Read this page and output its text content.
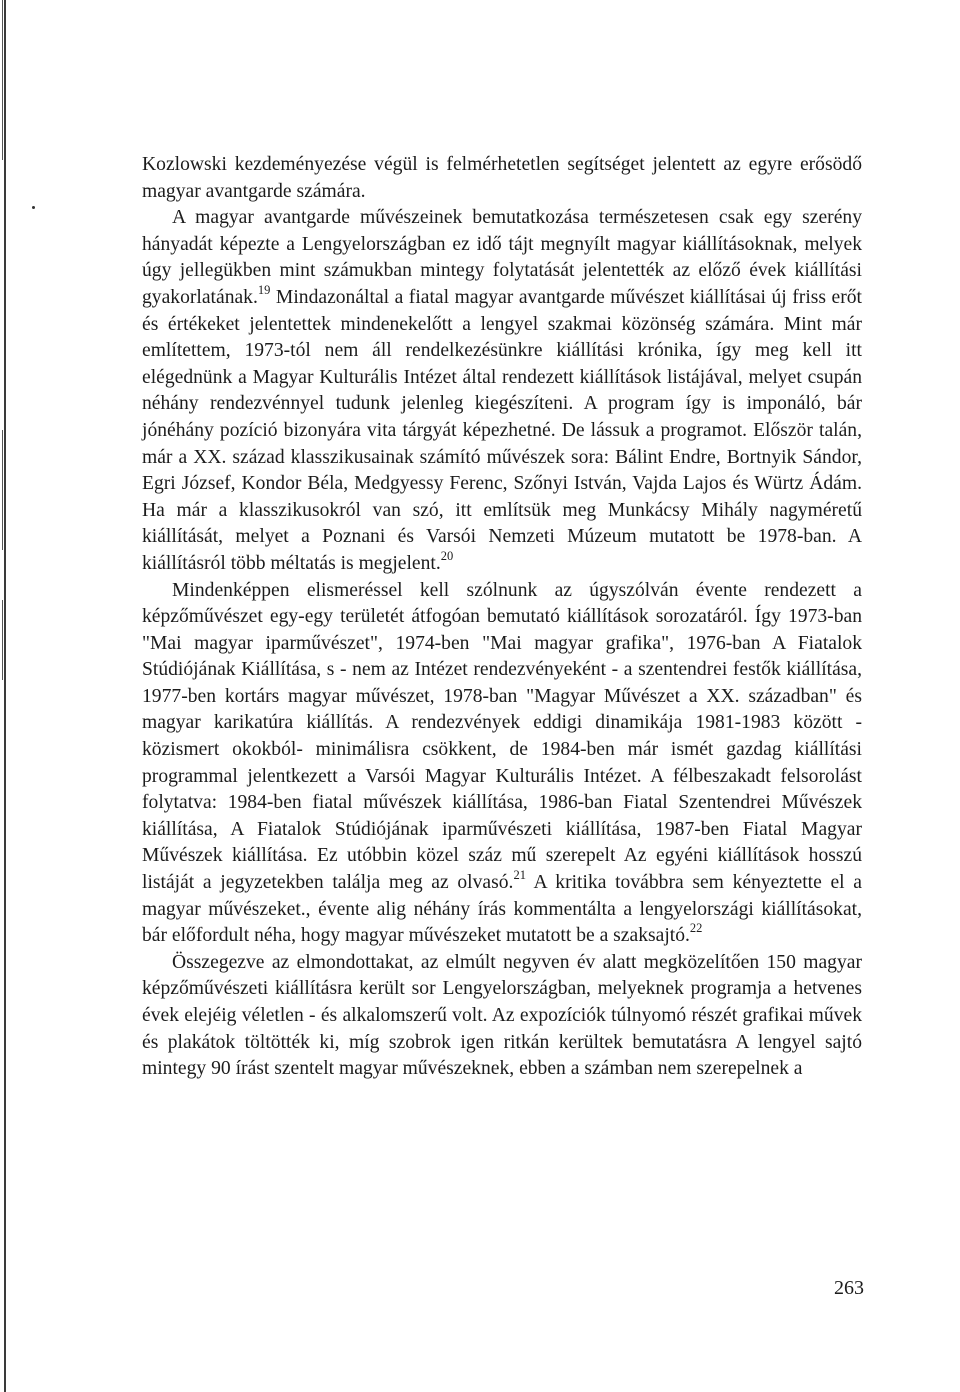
Kozlowski kezdeményezése végül is felmérhetetlen segítséget jelentett az egyre erősödő magyar avantgarde számára.

A magyar avantgarde művészeinek bemutatkozása természetesen csak egy szerény hányadát képezte a Lengyelországban ez idő tájt megnyílt magyar kiállításoknak, melyek úgy jellegükben mint számukban mintegy folytatását jelentették az előző évek kiállítási gyakorlatának.$^{19}$ Mindazonáltal a fiatal magyar avantgarde művészet kiállításai új friss erőt és értékeket jelentettek mindenekelőtt a lengyel szakmai közönség számára. Mint már említettem, 1973-tól nem áll rendelkezésünkre kiállítási krónika, így meg kell itt elégednünk a Magyar Kulturális Intézet által rendezett kiállítások listájával, melyet csupán néhány rendezvénnyel tudunk jelenleg kiegészíteni. A program így is imponáló, bár jónéhány pozíció bizonyára vita tárgyát képezhetné. De lássuk a programot. Először talán, már a XX. század klasszikusainak számító művészek sora: Bálint Endre, Bortnyik Sándor, Egri József, Kondor Béla, Medgyessy Ferenc, Szőnyi István, Vajda Lajos és Würtz Ádám. Ha már a klasszikusokról van szó, itt említsük meg Munkácsy Mihály nagyméretű kiállítását, melyet a Poznani és Varsói Nemzeti Múzeum mutatott be 1978-ban. A kiállításról több méltatás is megjelent.$^{20}$

Mindenképpen elismeréssel kell szólnunk az úgyszólván évente rendezett a képzőművészet egy-egy területét átfogóan bemutató kiállítások sorozatáról. Így 1973-ban "Mai magyar iparművészet", 1974-ben "Mai magyar grafika", 1976-ban A Fiatalok Stúdiójának Kiállítása, s - nem az Intézet rendezvényeként - a szentendrei festők kiállítása, 1977-ben kortárs magyar művészet, 1978-ban "Magyar Művészet a XX. században" és magyar karikatúra kiállítás. A rendezvények eddigi dinamikája 1981-1983 között - közismert okokból- minimálisra csökkent, de 1984-ben már ismét gazdag kiállítási programmal jelentkezett a Varsói Magyar Kulturális Intézet. A félbeszakadt felsorolást folytatva: 1984-ben fiatal művészek kiállítása, 1986-ban Fiatal Szentendrei Művészek kiállítása, A Fiatalok Stúdiójának iparművészeti kiállítása, 1987-ben Fiatal Magyar Művészek kiállítása. Ez utóbbin közel száz mű szerepelt Az egyéni kiállítások hosszú listáját a jegyzetekben találja meg az olvasó.$^{21}$ A kritika továbbra sem kényeztette el a magyar művészeket., évente alig néhány írás kommentálta a lengyelországi kiállításokat, bár előfordult néha, hogy magyar művészeket mutatott be a szaksajtó.$^{22}$

Összegezve az elmondottakat, az elmúlt negyven év alatt megközelítően 150 magyar képzőművészeti kiállításra került sor Lengyelországban, melyeknek programja a hetvenes évek elejéig véletlen - és alkalomszerű volt. Az expozíciók túlnyomó részét grafikai művek és plakátok töltötték ki, míg szobrok igen ritkán kerültek bemutatásra A lengyel sajtó mintegy 90 írást szentelt magyar művészeknek, ebben a számban nem szerepelnek a

263
